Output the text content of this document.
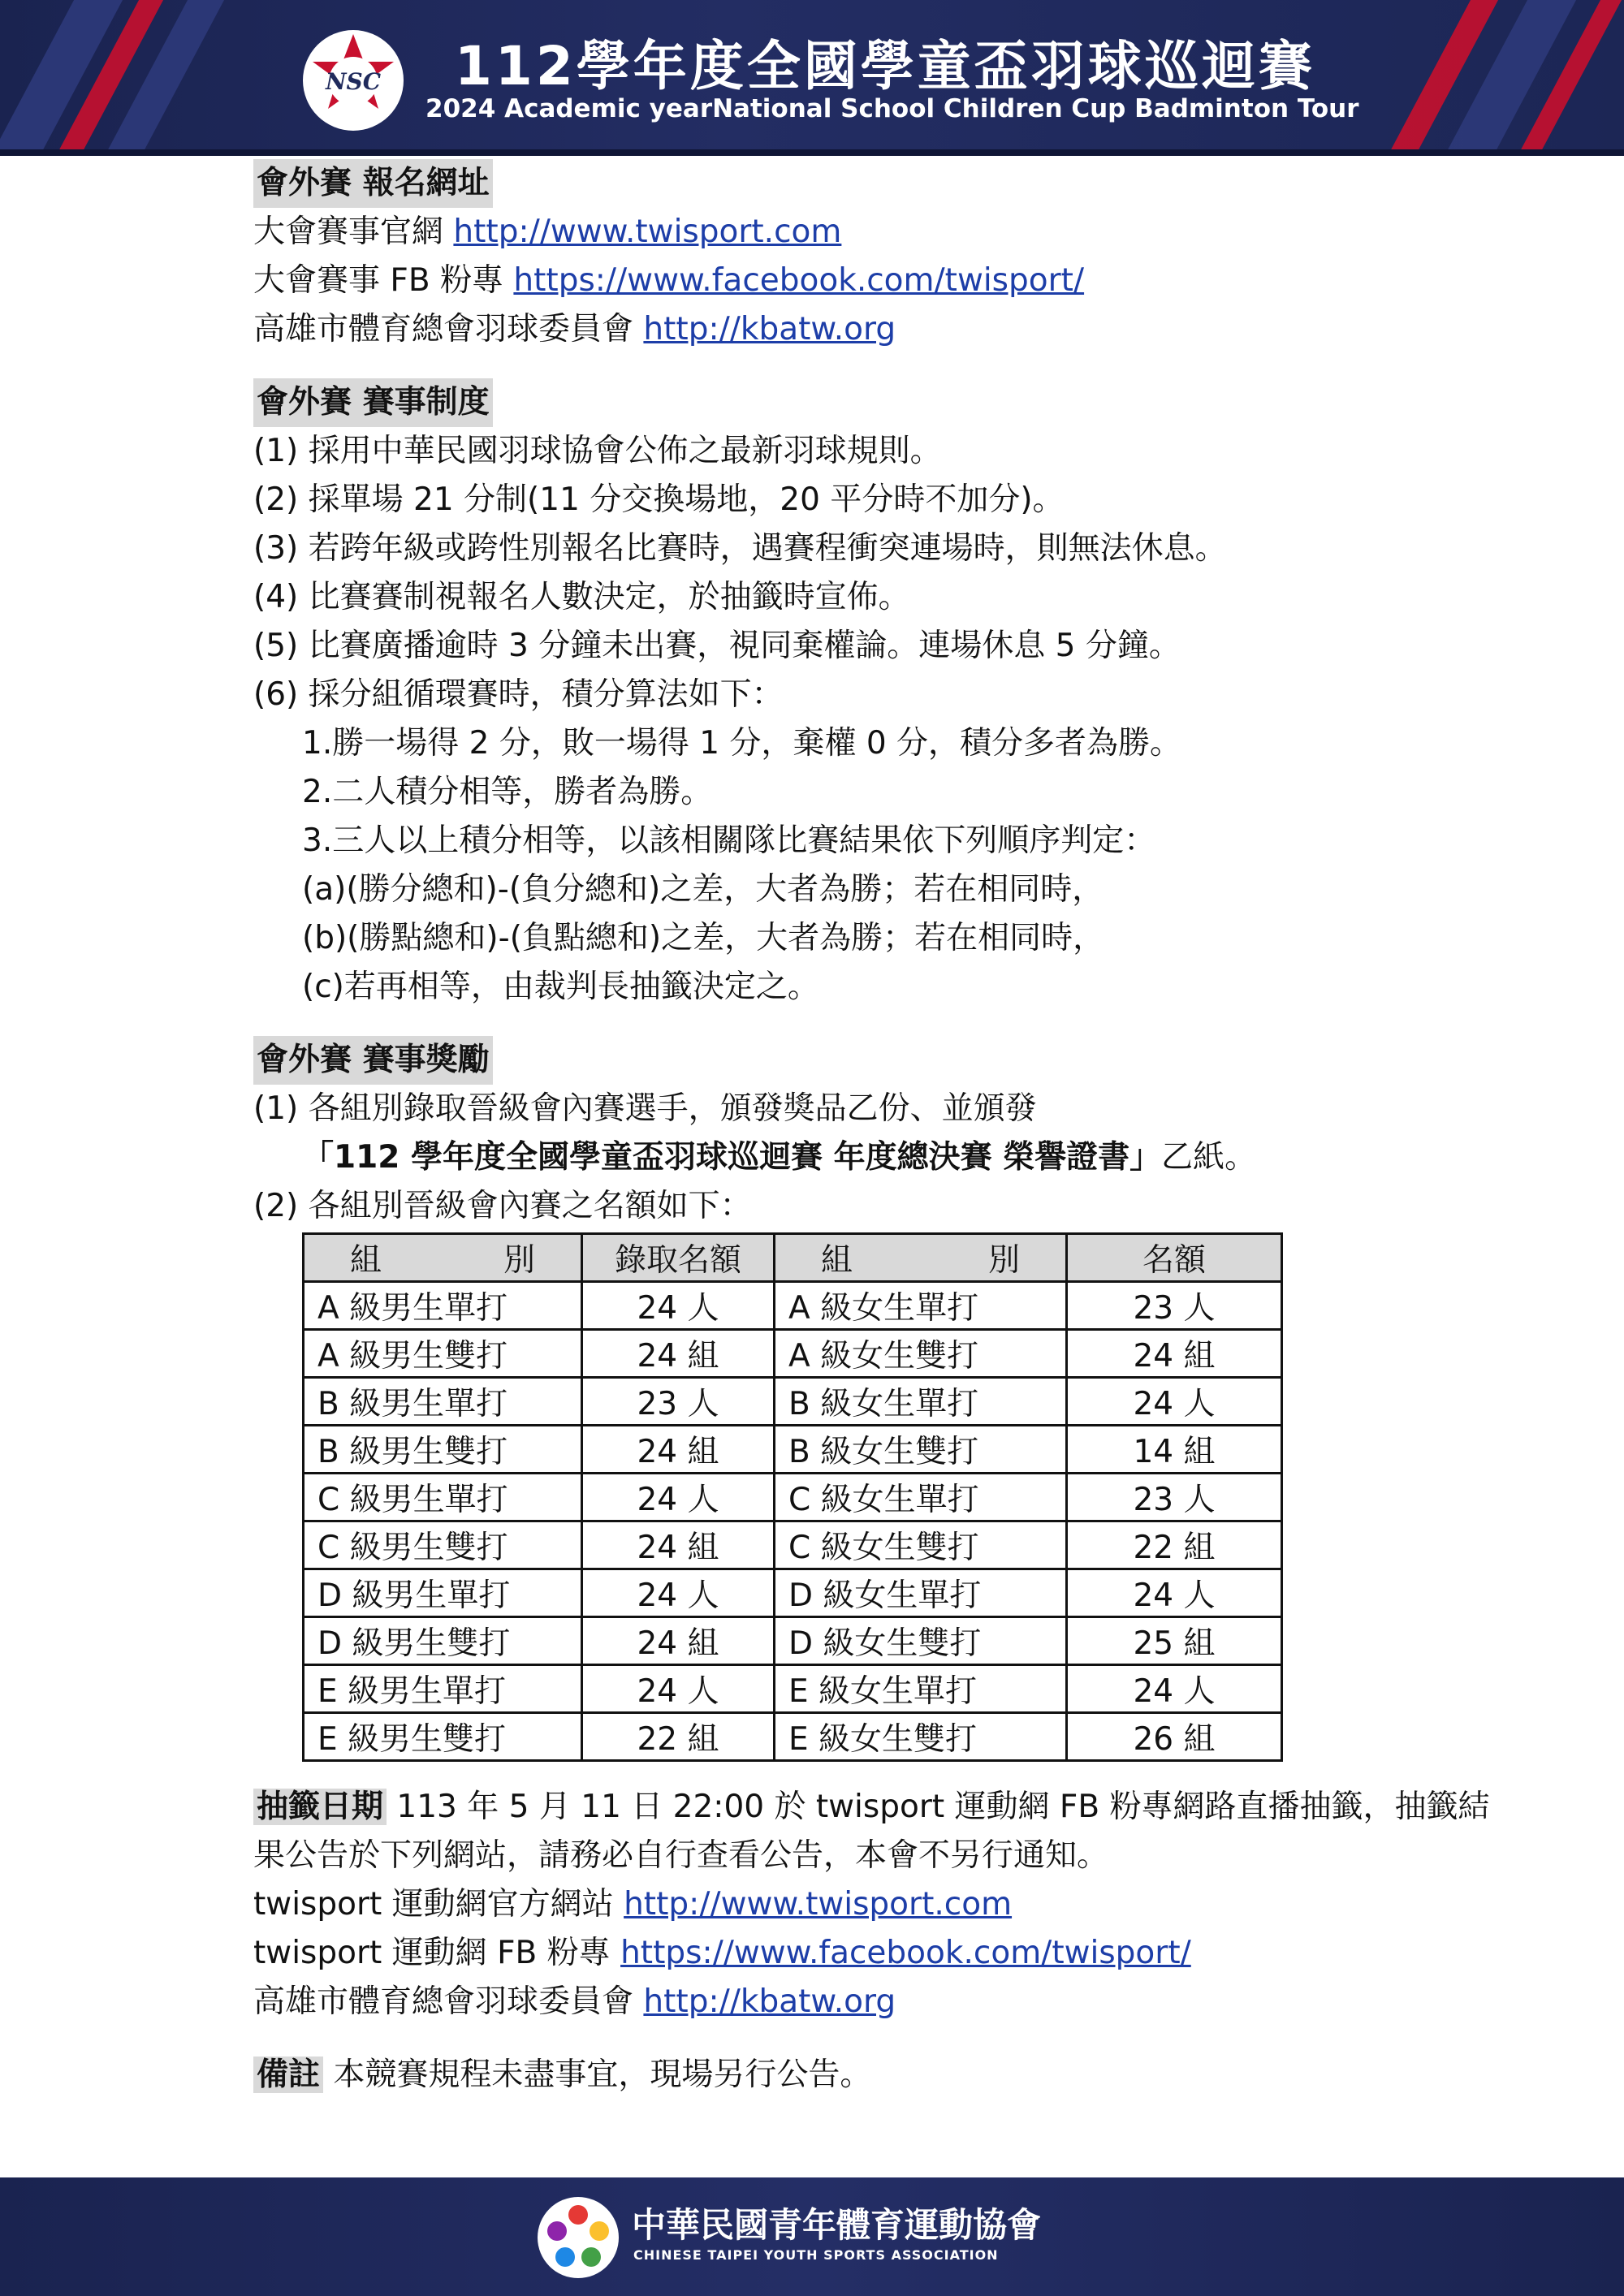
NSC 112學年度全國學童盃羽球巡迴賽
2024 Academic yearNational School Children Cup Badminton Tour
會外賽 報名網址
大會賽事官網 http://www.twisport.com
大會賽事 FB 粉專 https://www.facebook.com/twisport/
高雄市體育總會羽球委員會 http://kbatw.org
會外賽 賽事制度
(1) 採用中華民國羽球協會公佈之最新羽球規則。
(2) 採單場 21 分制(11 分交換場地，20 平分時不加分)。
(3) 若跨年級或跨性別報名比賽時，遇賽程衝突連場時，則無法休息。
(4) 比賽賽制視報名人數決定，於抽籤時宣佈。
(5) 比賽廣播逾時 3 分鐘未出賽，視同棄權論。連場休息 5 分鐘。
(6) 採分組循環賽時，積分算法如下：
1.勝一場得 2 分，敗一場得 1 分，棄權 0 分，積分多者為勝。
2.二人積分相等，勝者為勝。
3.三人以上積分相等，以該相關隊比賽結果依下列順序判定：
(a)(勝分總和)-(負分總和)之差，大者為勝；若在相同時，
(b)(勝點總和)-(負點總和)之差，大者為勝；若在相同時，
(c)若再相等，由裁判長抽籤決定之。
會外賽 賽事獎勵
(1) 各組別錄取晉級會內賽選手，頒發獎品乙份、並頒發
「112 學年度全國學童盃羽球巡迴賽 年度總決賽 榮譽證書」乙紙。
(2) 各組別晉級會內賽之名額如下：
組 別	錄取名額	組 別	名額
A 級男生單打	24 人	A 級女生單打	23 人
A 級男生雙打	24 組	A 級女生雙打	24 組
B 級男生單打	23 人	B 級女生單打	24 人
B 級男生雙打	24 組	B 級女生雙打	14 組
C 級男生單打	24 人	C 級女生單打	23 人
C 級男生雙打	24 組	C 級女生雙打	22 組
D 級男生單打	24 人	D 級女生單打	24 人
D 級男生雙打	24 組	D 級女生雙打	25 組
E 級男生單打	24 人	E 級女生單打	24 人
E 級男生雙打	22 組	E 級女生雙打	26 組
抽籤日期 113 年 5 月 11 日 22:00 於 twisport 運動網 FB 粉專網路直播抽籤，抽籤結
果公告於下列網站，請務必自行查看公告，本會不另行通知。
twisport 運動網官方網站 http://www.twisport.com
twisport 運動網 FB 粉專 https://www.facebook.com/twisport/
高雄市體育總會羽球委員會 http://kbatw.org
備註 本競賽規程未盡事宜，現場另行公告。
中華民國青年體育運動協會
CHINESE TAIPEI YOUTH SPORTS ASSOCIATION
